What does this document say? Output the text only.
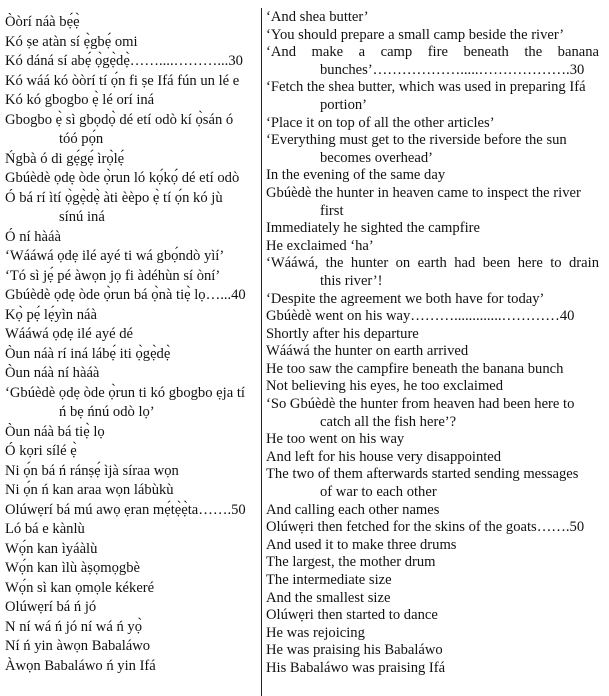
Òòrí náà bẹ́ẹ̀
Kó ṣe atàn sí ẹ̀gbẹ́ omi
Kó dáná sí abẹ́ ọ̀gẹ̀dẹ̀……....………...30
Kó wáá kó òòrí tí ọ́n fi ṣe Ifá fún un lé e
Kó kó gbogbo ẹ̀ lé orí iná
Gbogbo ẹ̀ sì gbọdọ̀ dé etí odò kí ọ̀sán ó
tóó pọ́n
Ńgbà ó di gẹ́gẹ́ ìrọ̀lẹ́
Gbúèdè ọdẹ òde ọ̀run ló kọ́kọ́ dé etí odò
Ó bá rí ìtí ọ̀gẹ̀dẹ̀ àti èèpo ẹ̀ tí ọ́n kó jù
sínú iná
Ó ní hàáà
‘Wááwá ọdẹ ilé ayé ti wá gbọ́ndò yìí’
‘Tó sì jẹ́ pé àwọn jọ fi àdéhùn sí òní’
Gbúèdè ọdẹ òde ọ̀run bá ọ̀nà tiẹ̀ lọ…...40
Kọ̀ pẹ́ lẹ́yìn náà
Wááwá ọdẹ ilé ayé dé
Òun náà rí iná lábẹ́ iti ọ̀gẹ̀dẹ̀
Òun náà ní hàáà
‘Gbúèdè ọdẹ òde ọ̀run ti kó gbogbo ẹja tí
ń bẹ ńnú odò lọ’
Òun náà bá tiẹ̀ lọ
Ó kọri sílé ẹ̀
Ni ọ́n bá ń ránṣẹ́ ìjà síraa wọn
Ni ọ́n ń kan araa wọn lábùkù
Olúwẹrí bá mú awọ ẹran mẹ́tẹ̀ẹ̀ta…….50
Ló bá e kànlù
Wọ́n kan ìyáàlù
Wọ́n kan ìlù àṣọmọgbè
Wọ́n sì kan ọmọle kékeré
Olúwẹrí bá ń jó
N ní wá ń jó ní wá ń yọ̀
Ní ń yin àwọn Babaláwo
Àwọn Babaláwo ń yin Ifá
‘And shea butter’
‘You should prepare a small camp beside the river’
‘And make a camp fire beneath the banana
bunches’……………….....……………….30
‘Fetch the shea butter, which was used in preparing Ifá
portion’
‘Place it on top of all the other articles’
‘Everything must get to the riverside before the sun
becomes overhead’
In the evening of the same day
Gbúèdè the hunter in heaven came to inspect the river
first
Immediately he sighted the campfire
He exclaimed ‘ha’
‘Wááwá, the hunter on earth had been here to drain
this river’!
‘Despite the agreement we both have for today’
Gbúèdè went on his way……….............…………40
Shortly after his departure
Wááwá the hunter on earth arrived
He too saw the campfire beneath the banana bunch
Not believing his eyes, he too exclaimed
‘So Gbúèdè the hunter from heaven had been here to
catch all the fish here’?
He too went on his way
And left for his house very disappointed
The two of them afterwards started sending messages
of war to each other
And calling each other names
Olúwẹri then fetched for the skins of the goats…….50
And used it to make three drums
The largest, the mother drum
The intermediate size
And the smallest size
Olúwẹri then started to dance
He was rejoicing
He was praising his Babaláwo
His Babaláwo was praising Ifá
